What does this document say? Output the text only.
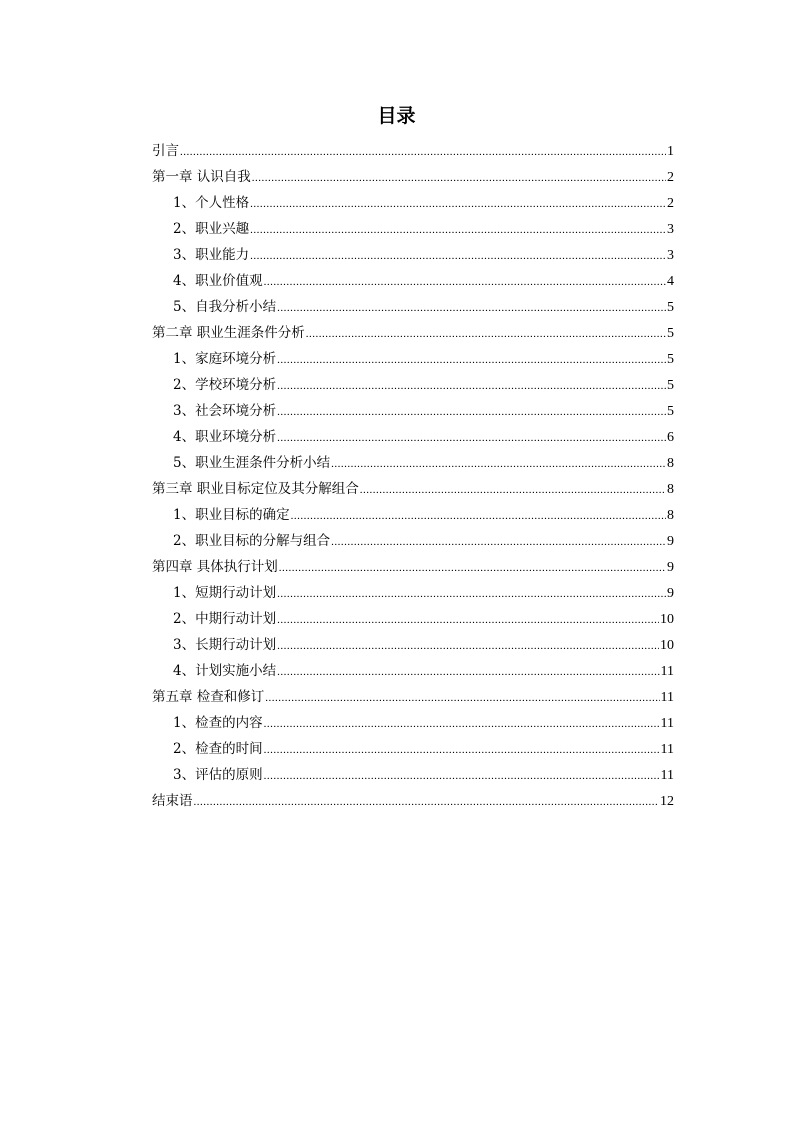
目录
引言 .....	1
第一章 认识自我 .....	2
1、个人性格 .....	2
2、职业兴趣 .....	3
3、职业能力 .....	3
4、职业价值观 .....	4
5、自我分析小结 .....	5
第二章 职业生涯条件分析 .....	5
1、家庭环境分析 .....	5
2、学校环境分析 .....	5
3、社会环境分析 .....	5
4、职业环境分析 .....	6
5、职业生涯条件分析小结 .....	8
第三章 职业目标定位及其分解组合 .....	8
1、职业目标的确定 .....	8
2、职业目标的分解与组合 .....	9
第四章 具体执行计划 .....	9
1、短期行动计划 .....	9
2、中期行动计划 .....	10
3、长期行动计划 .....	10
4、计划实施小结 .....	11
第五章 检查和修订 .....	11
1、检查的内容 .....	11
2、检查的时间 .....	11
3、评估的原则 .....	11
结束语 .....	12
